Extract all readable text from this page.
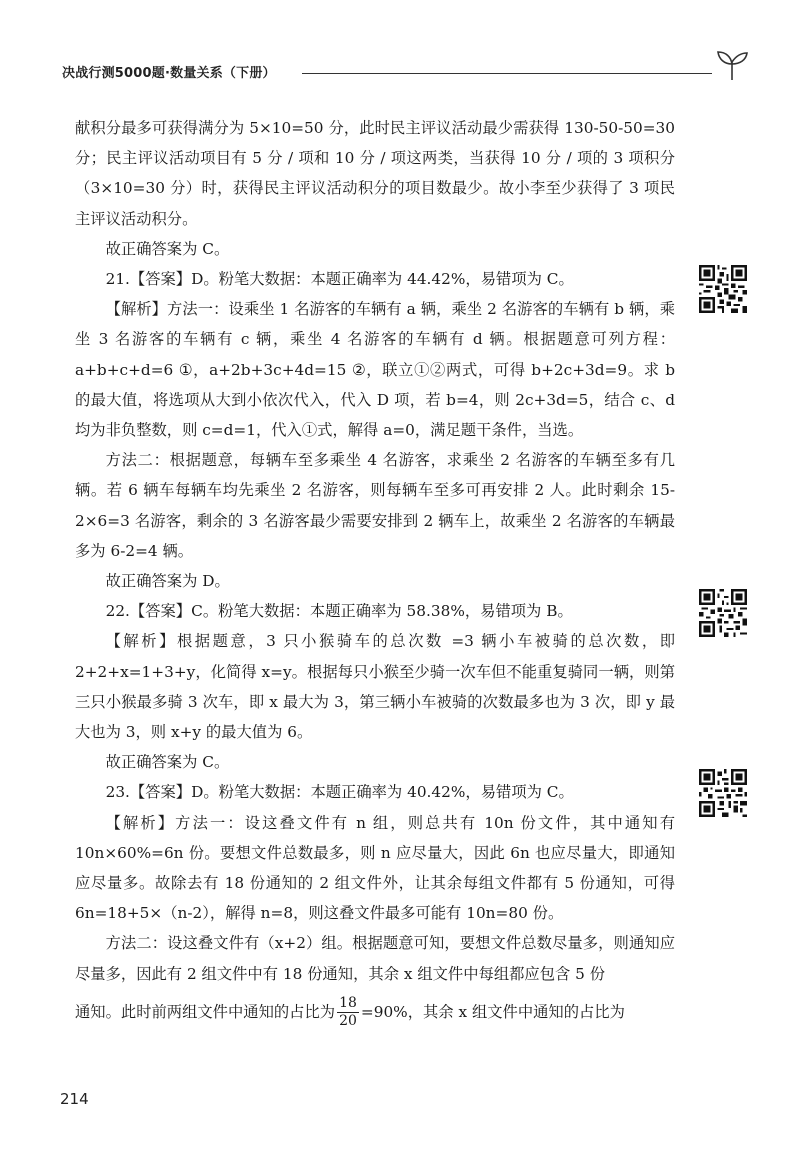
决战行测5000题·数量关系（下册）

献积分最多可获得满分为 5×10=50 分，此时民主评议活动最少需获得 130-50-50=30 分；民主评议活动项目有 5 分 / 项和 10 分 / 项这两类，当获得 10 分 / 项的 3 项积分（3×10=30 分）时，获得民主评议活动积分的项目数最少。故小李至少获得了 3 项民主评议活动积分。

故正确答案为 C。

21.【答案】D。粉笔大数据：本题正确率为 44.42%，易错项为 C。

【解析】方法一：设乘坐 1 名游客的车辆有 a 辆，乘坐 2 名游客的车辆有 b 辆，乘坐 3 名游客的车辆有 c 辆，乘坐 4 名游客的车辆有 d 辆。根据题意可列方程：a+b+c+d=6 ①，a+2b+3c+4d=15 ②，联立①②两式，可得 b+2c+3d=9。求 b 的最大值，将选项从大到小依次代入，代入 D 项，若 b=4，则 2c+3d=5，结合 c、d 均为非负整数，则 c=d=1，代入①式，解得 a=0，满足题干条件，当选。

方法二：根据题意，每辆车至多乘坐 4 名游客，求乘坐 2 名游客的车辆至多有几辆。若 6 辆车每辆车均先乘坐 2 名游客，则每辆车至多可再安排 2 人。此时剩余 15-2×6=3 名游客，剩余的 3 名游客最少需要安排到 2 辆车上，故乘坐 2 名游客的车辆最多为 6-2=4 辆。

故正确答案为 D。

22.【答案】C。粉笔大数据：本题正确率为 58.38%，易错项为 B。

【解析】根据题意，3 只小猴骑车的总次数 =3 辆小车被骑的总次数，即 2+2+x=1+3+y，化简得 x=y。根据每只小猴至少骑一次车但不能重复骑同一辆，则第三只小猴最多骑 3 次车，即 x 最大为 3，第三辆小车被骑的次数最多也为 3 次，即 y 最大也为 3，则 x+y 的最大值为 6。

故正确答案为 C。

23.【答案】D。粉笔大数据：本题正确率为 40.42%，易错项为 C。

【解析】方法一：设这叠文件有 n 组，则总共有 10n 份文件，其中通知有 10n×60%=6n 份。要想文件总数最多，则 n 应尽量大，因此 6n 也应尽量大，即通知应尽量多。故除去有 18 份通知的 2 组文件外，让其余每组文件都有 5 份通知，可得 6n=18+5×（n-2），解得 n=8，则这叠文件最多可能有 10n=80 份。

方法二：设这叠文件有（x+2）组。根据题意可知，要想文件总数尽量多，则通知应尽量多，因此有 2 组文件中有 18 份通知，其余 x 组文件中每组都应包含 5 份

通知。此时前两组文件中通知的占比为 $\frac{18}{20} =90\%$，其余 x 组文件中通知的占比为

214
